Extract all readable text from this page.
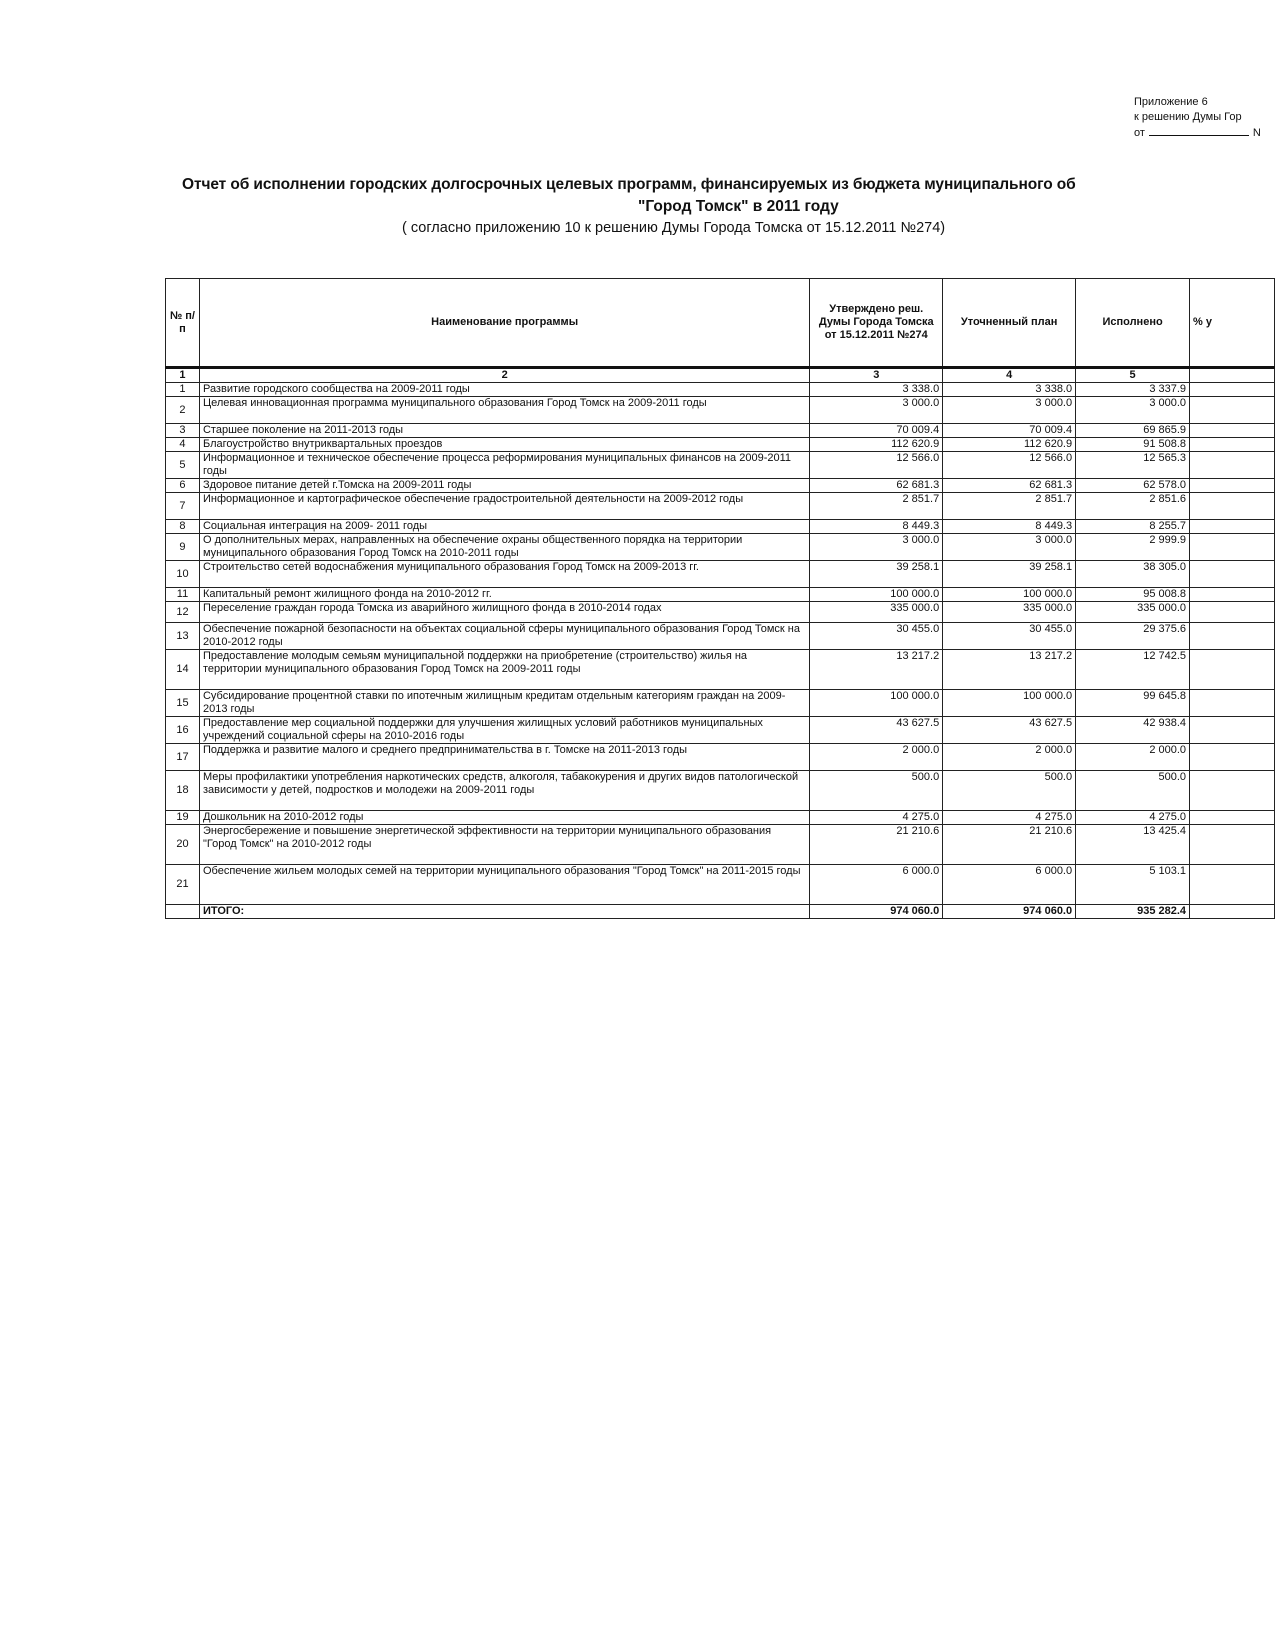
Приложение 6
к решению Думы Гор
от	N
Отчет об исполнении городских долгосрочных целевых программ, финансируемых из бюджета муниципального об
"Город Томск" в 2011 году
( согласно приложению 10 к решению Думы Города Томска от 15.12.2011 №274)
№ п/п	Наименование программы	Утверждено реш. Думы Города Томска от 15.12.2011 №274	Уточненный план	Исполнено	% у
1	2	3	4	5	
1	Развитие городского сообщества на 2009-2011 годы	3 338.0	3 338.0	3 337.9	
2	Целевая инновационная программа муниципального образования Город Томск на 2009-2011 годы	3 000.0	3 000.0	3 000.0	
3	Старшее поколение на 2011-2013 годы	70 009.4	70 009.4	69 865.9	
4	Благоустройство внутриквартальных проездов	112 620.9	112 620.9	91 508.8	
5	Информационное и техническое обеспечение процесса реформирования муниципальных финансов на 2009-2011 годы	12 566.0	12 566.0	12 565.3	
6	Здоровое питание детей г.Томска на 2009-2011 годы	62 681.3	62 681.3	62 578.0	
7	Информационное и картографическое обеспечение градостроительной деятельности на 2009-2012 годы	2 851.7	2 851.7	2 851.6	
8	Социальная интеграция на 2009- 2011 годы	8 449.3	8 449.3	8 255.7	
9	О дополнительных мерах, направленных на обеспечение охраны общественного порядка на территории муниципального образования Город Томск на 2010-2011 годы	3 000.0	3 000.0	2 999.9	
10	Строительство сетей водоснабжения муниципального образования Город Томск на 2009-2013 гг.	39 258.1	39 258.1	38 305.0	
11	Капитальный ремонт жилищного фонда на 2010-2012 гг.	100 000.0	100 000.0	95 008.8	
12	Переселение граждан города Томска из аварийного жилищного фонда в 2010-2014 годах	335 000.0	335 000.0	335 000.0	
13	Обеспечение пожарной безопасности на объектах социальной сферы муниципального образования Город Томск на 2010-2012 годы	30 455.0	30 455.0	29 375.6	
14	Предоставление молодым семьям муниципальной поддержки на приобретение (строительство) жилья на территории муниципального образования Город Томск на 2009-2011 годы	13 217.2	13 217.2	12 742.5	
15	Субсидирование процентной ставки по ипотечным жилищным кредитам отдельным категориям граждан на 2009-2013 годы	100 000.0	100 000.0	99 645.8	
16	Предоставление мер социальной поддержки для улучшения жилищных условий работников муниципальных учреждений социальной сферы на 2010-2016 годы	43 627.5	43 627.5	42 938.4	
17	Поддержка и развитие малого и среднего предпринимательства в г. Томске на 2011-2013 годы	2 000.0	2 000.0	2 000.0	
18	Меры профилактики употребления наркотических средств, алкоголя, табакокурения и других видов патологической зависимости у детей, подростков и молодежи на 2009-2011 годы	500.0	500.0	500.0	
19	Дошкольник на 2010-2012 годы	4 275.0	4 275.0	4 275.0	
20	Энергосбережение и повышение энергетической эффективности на территории муниципального образования "Город Томск" на 2010-2012 годы	21 210.6	21 210.6	13 425.4	
21	Обеспечение жильем молодых семей на территории муниципального образования "Город Томск" на 2011-2015 годы	6 000.0	6 000.0	5 103.1	
	ИТОГО:	974 060.0	974 060.0	935 282.4	
